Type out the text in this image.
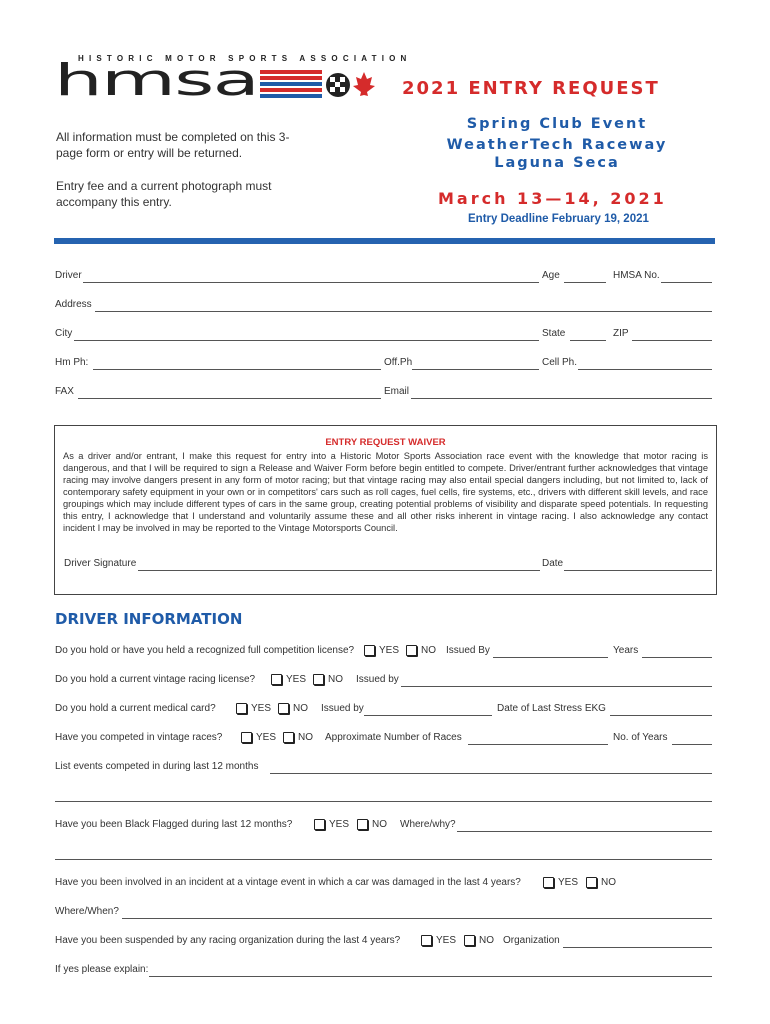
HISTORIC MOTOR SPORTS ASSOCIATION
hmsa	2021 ENTRY REQUEST
Spring Club Event
WeatherTech Raceway
Laguna Seca
March 13—14, 2021
Entry Deadline February 19, 2021
All information must be completed on this 3-page form or entry will be returned.
Entry fee and a current photograph must accompany this entry.
Driver	Age	HMSA No.
Address
City	State	ZIP
Hm Ph:	Off.Ph	Cell Ph.
FAX	Email
ENTRY REQUEST WAIVER
As a driver and/or entrant, I make this request for entry into a Historic Motor Sports Association race event with the knowledge that motor racing is dangerous, and that I will be required to sign a Release and Waiver Form before begin entitled to compete. Driver/entrant further acknowledges that vintage racing may involve dangers present in any form of motor racing; but that vintage racing may also entail special dangers including, but not limited to, lack of contemporary safety equipment in your own or in competitors' cars such as roll cages, fuel cells, fire systems, etc., drivers with different skill levels, and race groupings which may include different types of cars in the same group, creating potential problems of visibility and disparate speed potentials. In requesting this entry, I acknowledge that I understand and voluntarily assume these and all other risks inherent in vintage racing. I also acknowledge any contact incident I may be involved in may be reported to the Vintage Motorsports Council.
Driver Signature	Date
DRIVER INFORMATION
Do you hold or have you held a recognized full competition license? YES NO Issued By	Years
Do you hold a current vintage racing license?	YES NO Issued by
Do you hold a current medical card?	YES NO Issued by	Date of Last Stress EKG
Have you competed in vintage races?	YES NO Approximate Number of Races	No. of Years
List events competed in during last 12 months
Have you been Black Flagged during last 12 months?	YES NO Where/why?
Have you been involved in an incident at a vintage event in which a car was damaged in the last 4 years?	YES NO
Where/When?
Have you been suspended by any racing organization during the last 4 years?	YES NO Organization
If yes please explain:
